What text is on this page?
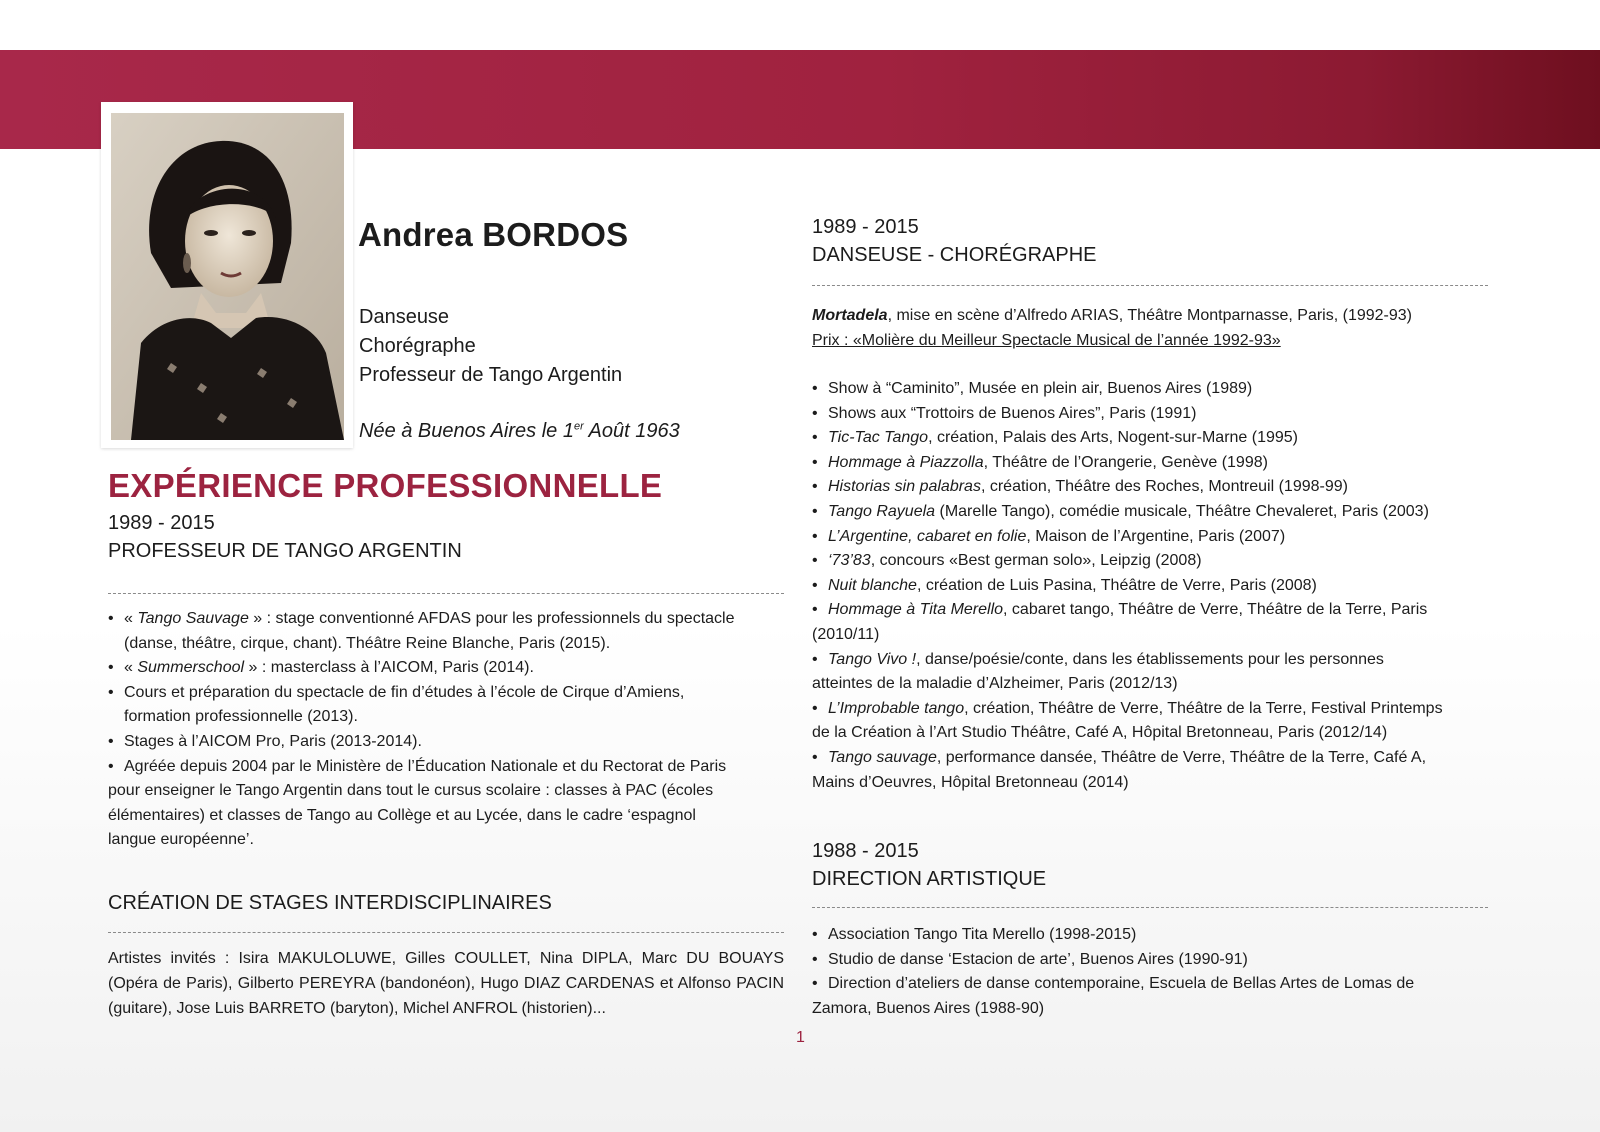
Andrea BORDOS
Danseuse
Chorégraphe
Professeur de Tango Argentin
Née à Buenos Aires le 1er Août 1963
EXPÉRIENCE PROFESSIONNELLE
1989 - 2015
PROFESSEUR DE TANGO ARGENTIN
• « Tango Sauvage » : stage conventionné AFDAS pour les professionnels du spectacle
(danse, théâtre, cirque, chant). Théâtre Reine Blanche, Paris (2015).
• « Summerschool » : masterclass à l’AICOM, Paris (2014).
• Cours et préparation du spectacle de fin d’études à l’école de Cirque d’Amiens,
formation professionnelle (2013).
• Stages à l’AICOM Pro, Paris (2013-2014).
• Agréée depuis 2004 par le Ministère de l’Éducation Nationale et du Rectorat de Paris
pour enseigner le Tango Argentin dans tout le cursus scolaire : classes à PAC (écoles
élémentaires) et classes de Tango au Collège et au Lycée, dans le cadre ‘espagnol
langue européenne’.
CRÉATION DE STAGES INTERDISCIPLINAIRES
Artistes invités : Isira MAKULOLUWE, Gilles COULLET, Nina DIPLA, Marc DU BOUAYS (Opéra de Paris), Gilberto PEREYRA (bandonéon), Hugo DIAZ CARDENAS et Alfonso PACIN (guitare), Jose Luis BARRETO (baryton), Michel ANFROL (historien)...
1989 - 2015
DANSEUSE - CHORÉGRAPHE
Mortadela, mise en scène d’Alfredo ARIAS, Théâtre Montparnasse, Paris, (1992-93)
Prix : «Molière du Meilleur Spectacle Musical de l’année 1992-93»
• Show à “Caminito”, Musée en plein air, Buenos Aires (1989)
• Shows aux “Trottoirs de Buenos Aires”, Paris (1991)
• Tic-Tac Tango, création, Palais des Arts, Nogent-sur-Marne (1995)
• Hommage à Piazzolla, Théâtre de l’Orangerie, Genève (1998)
• Historias sin palabras, création, Théâtre des Roches, Montreuil (1998-99)
• Tango Rayuela (Marelle Tango), comédie musicale, Théâtre Chevaleret, Paris (2003)
• L’Argentine, cabaret en folie, Maison de l’Argentine, Paris (2007)
• ‘73’83, concours «Best german solo», Leipzig (2008)
• Nuit blanche, création de Luis Pasina, Théâtre de Verre, Paris (2008)
• Hommage à Tita Merello, cabaret tango, Théâtre de Verre, Théâtre de la Terre, Paris
(2010/11)
• Tango Vivo !, danse/poésie/conte, dans les établissements pour les personnes
atteintes de la maladie d’Alzheimer, Paris (2012/13)
• L’Improbable tango, création, Théâtre de Verre, Théâtre de la Terre, Festival Printemps
de la Création à l’Art Studio Théâtre, Café A, Hôpital Bretonneau, Paris (2012/14)
• Tango sauvage, performance dansée, Théâtre de Verre, Théâtre de la Terre, Café A,
Mains d’Oeuvres, Hôpital Bretonneau (2014)
1988 - 2015
DIRECTION ARTISTIQUE
• Association Tango Tita Merello (1998-2015)
• Studio de danse ‘Estacion de arte’, Buenos Aires (1990-91)
• Direction d’ateliers de danse contemporaine, Escuela de Bellas Artes de Lomas de
Zamora, Buenos Aires (1988-90)
1
